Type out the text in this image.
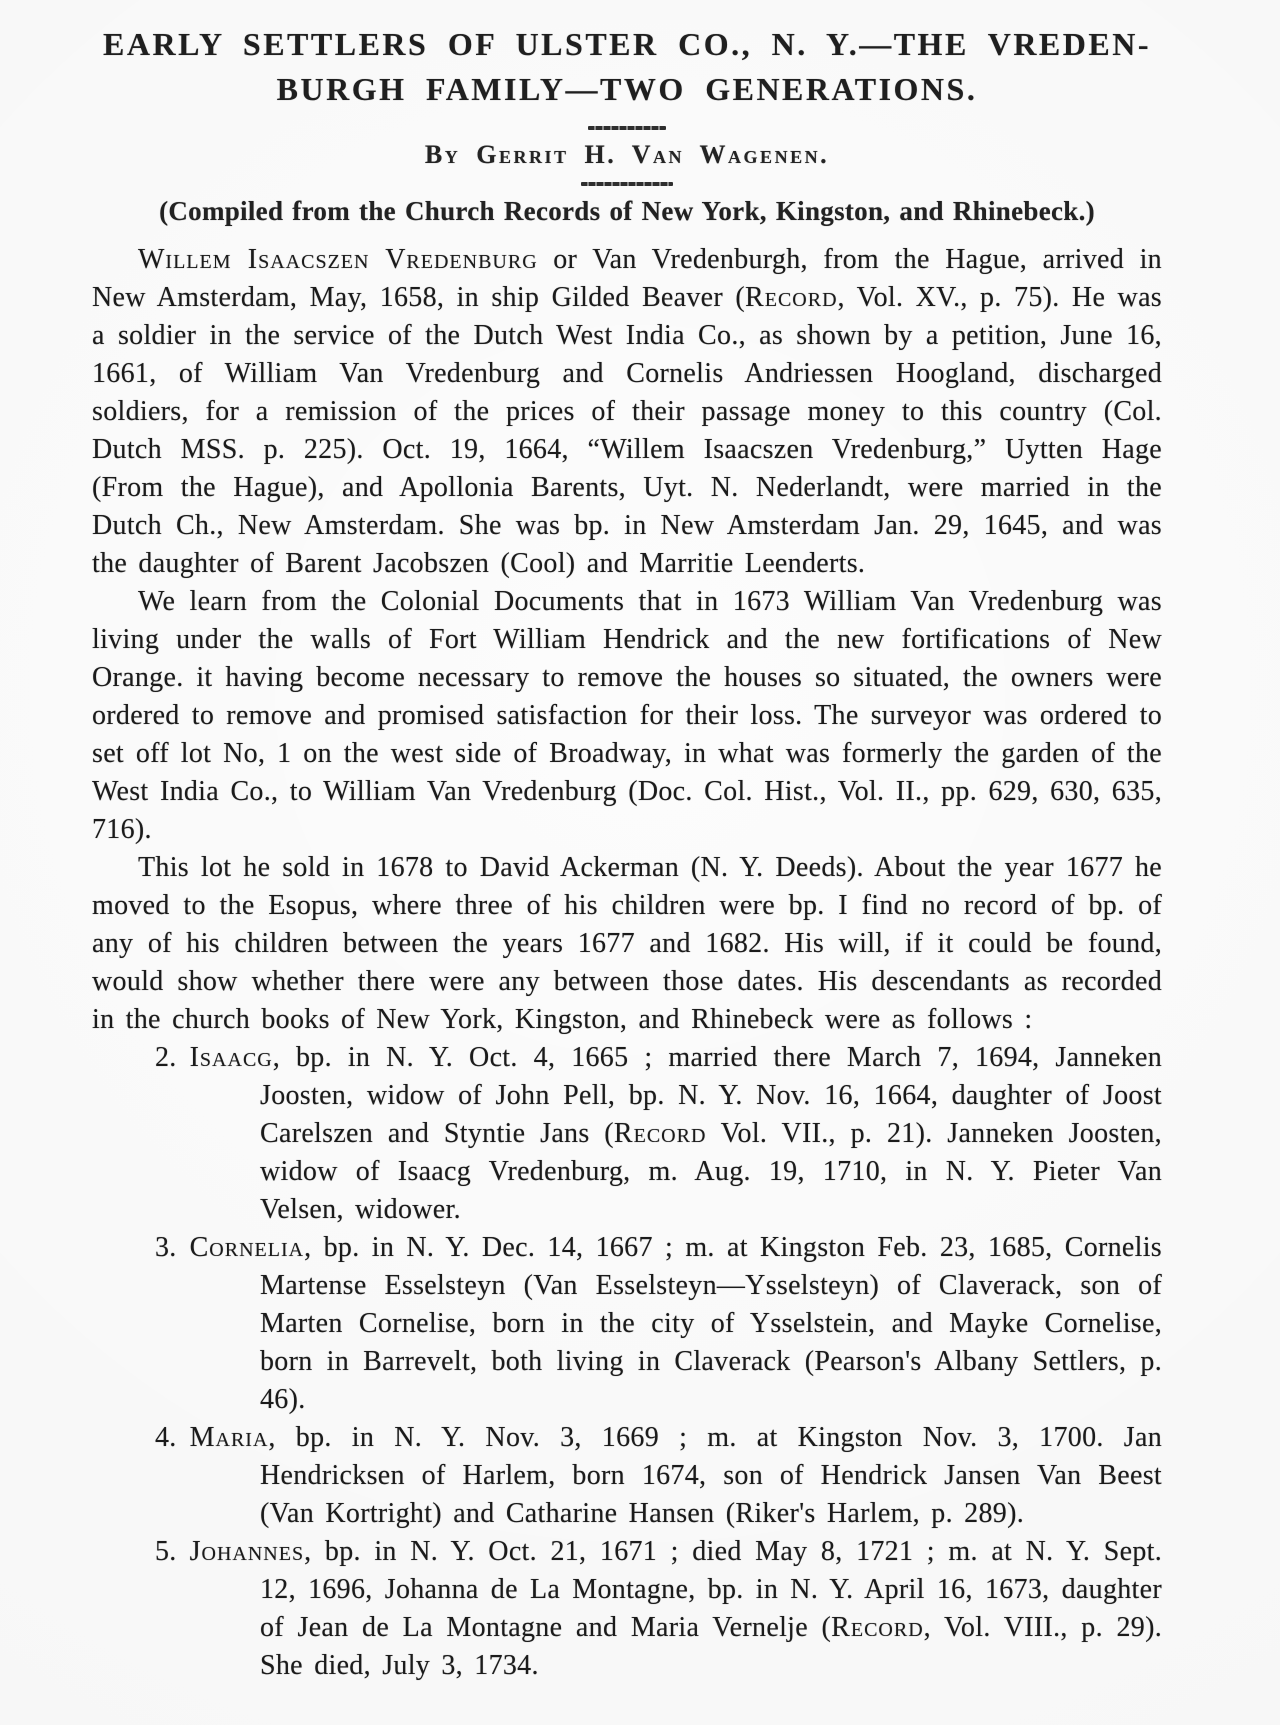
EARLY SETTLERS OF ULSTER CO., N. Y.—THE VREDEN-
BURGH FAMILY—TWO GENERATIONS.
By Gerrit H. Van Wagenen.
(Compiled from the Church Records of New York, Kingston, and Rhinebeck.)

Willem Isaacszen Vredenburg or Van Vredenburgh, from the Hague, arrived in New Amsterdam, May, 1658, in ship Gilded Beaver (Record, Vol. XV., p. 75). He was a soldier in the service of the Dutch West India Co., as shown by a petition, June 16, 1661, of William Van Vredenburg and Cornelis Andriessen Hoogland, discharged soldiers, for a remission of the prices of their passage money to this country (Col. Dutch MSS. p. 225). Oct. 19, 1664, “Willem Isaacszen Vredenburg,” Uytten Hage (From the Hague), and Apollonia Barents, Uyt. N. Nederlandt, were married in the Dutch Ch., New Amsterdam. She was bp. in New Amsterdam Jan. 29, 1645, and was the daughter of Barent Jacobszen (Cool) and Marritie Leenderts.

We learn from the Colonial Documents that in 1673 William Van Vredenburg was living under the walls of Fort William Hendrick and the new fortifications of New Orange. it having become necessary to remove the houses so situated, the owners were ordered to remove and promised satisfaction for their loss. The surveyor was ordered to set off lot No, 1 on the west side of Broadway, in what was formerly the garden of the West India Co., to William Van Vredenburg (Doc. Col. Hist., Vol. II., pp. 629, 630, 635, 716).

This lot he sold in 1678 to David Ackerman (N. Y. Deeds). About the year 1677 he moved to the Esopus, where three of his children were bp. I find no record of bp. of any of his children between the years 1677 and 1682. His will, if it could be found, would show whether there were any between those dates. His descendants as recorded in the church books of New York, Kingston, and Rhinebeck were as follows :

2. Isaacg, bp. in N. Y. Oct. 4, 1665 ; married there March 7, 1694, Janneken Joosten, widow of John Pell, bp. N. Y. Nov. 16, 1664, daughter of Joost Carelszen and Styntie Jans (Record Vol. VII., p. 21). Janneken Joosten, widow of Isaacg Vredenburg, m. Aug. 19, 1710, in N. Y. Pieter Van Velsen, widower.
3. Cornelia, bp. in N. Y. Dec. 14, 1667 ; m. at Kingston Feb. 23, 1685, Cornelis Martense Esselsteyn (Van Esselsteyn—Ysselsteyn) of Claverack, son of Marten Cornelise, born in the city of Ysselstein, and Mayke Cornelise, born in Barrevelt, both living in Claverack (Pearson's Albany Settlers, p. 46).
4. Maria, bp. in N. Y. Nov. 3, 1669 ; m. at Kingston Nov. 3, 1700. Jan Hendricksen of Harlem, born 1674, son of Hendrick Jansen Van Beest (Van Kortright) and Catharine Hansen (Riker's Harlem, p. 289).
5. Johannes, bp. in N. Y. Oct. 21, 1671 ; died May 8, 1721 ; m. at N. Y. Sept. 12, 1696, Johanna de La Montagne, bp. in N. Y. April 16, 1673, daughter of Jean de La Montagne and Maria Vernelje (Record, Vol. VIII., p. 29). She died, July 3, 1734.
